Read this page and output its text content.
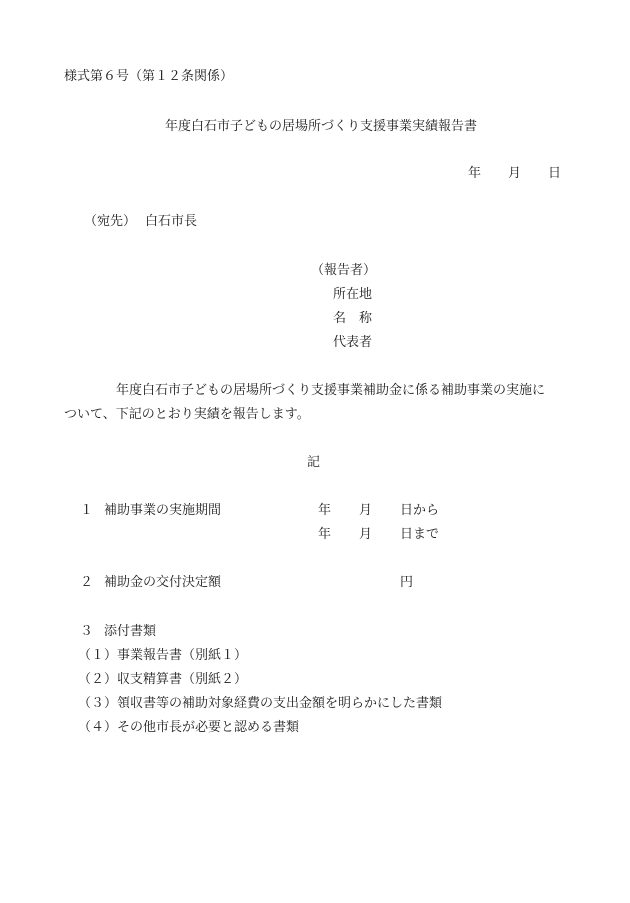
様式第６号（第１２条関係）
年度白石市子どもの居場所づくり支援事業実績報告書
年 月 日
（宛先） 白石市長
（報告者）
所在地
名 称
代表者
年度白石市子どもの居場所づくり支援事業補助金に係る補助事業の実施に
ついて、下記のとおり実績を報告します。
記
１ 補助事業の実施期間	年 月 日から
年 月 日まで
２ 補助金の交付決定額	円
３ 添付書類
（１）事業報告書（別紙１）
（２）収支精算書（別紙２）
（３）領収書等の補助対象経費の支出金額を明らかにした書類
（４）その他市長が必要と認める書類
